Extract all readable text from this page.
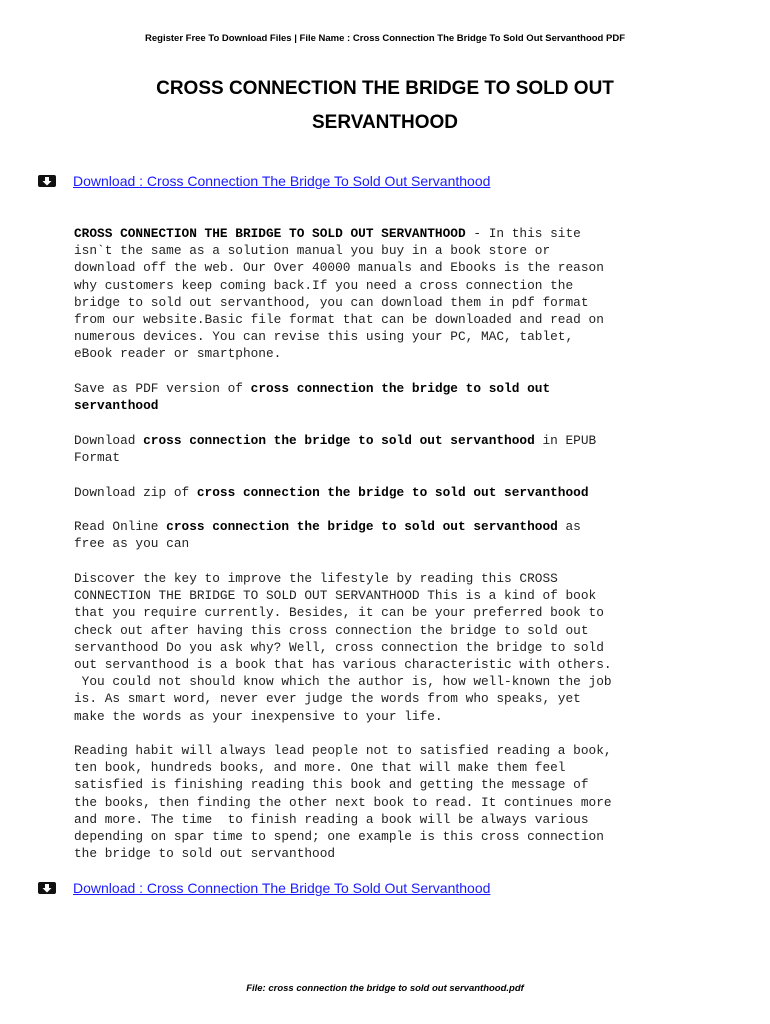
Register Free To Download Files | File Name : Cross Connection The Bridge To Sold Out Servanthood PDF
CROSS CONNECTION THE BRIDGE TO SOLD OUT
SERVANTHOOD
Download : Cross Connection The Bridge To Sold Out Servanthood
CROSS CONNECTION THE BRIDGE TO SOLD OUT SERVANTHOOD - In this site
isn`t the same as a solution manual you buy in a book store or
download off the web. Our Over 40000 manuals and Ebooks is the reason
why customers keep coming back.If you need a cross connection the
bridge to sold out servanthood, you can download them in pdf format
from our website.Basic file format that can be downloaded and read on
numerous devices. You can revise this using your PC, MAC, tablet,
eBook reader or smartphone.
Save as PDF version of cross connection the bridge to sold out
servanthood
Download cross connection the bridge to sold out servanthood in EPUB
Format
Download zip of cross connection the bridge to sold out servanthood
Read Online cross connection the bridge to sold out servanthood as
free as you can
Discover the key to improve the lifestyle by reading this CROSS
CONNECTION THE BRIDGE TO SOLD OUT SERVANTHOOD This is a kind of book
that you require currently. Besides, it can be your preferred book to
check out after having this cross connection the bridge to sold out
servanthood Do you ask why? Well, cross connection the bridge to sold
out servanthood is a book that has various characteristic with others.
You could not should know which the author is, how well-known the job
is. As smart word, never ever judge the words from who speaks, yet
make the words as your inexpensive to your life.
Reading habit will always lead people not to satisfied reading a book,
ten book, hundreds books, and more. One that will make them feel
satisfied is finishing reading this book and getting the message of
the books, then finding the other next book to read. It continues more
and more. The time  to finish reading a book will be always various
depending on spar time to spend; one example is this cross connection
the bridge to sold out servanthood
Download : Cross Connection The Bridge To Sold Out Servanthood
File: cross connection the bridge to sold out servanthood.pdf
